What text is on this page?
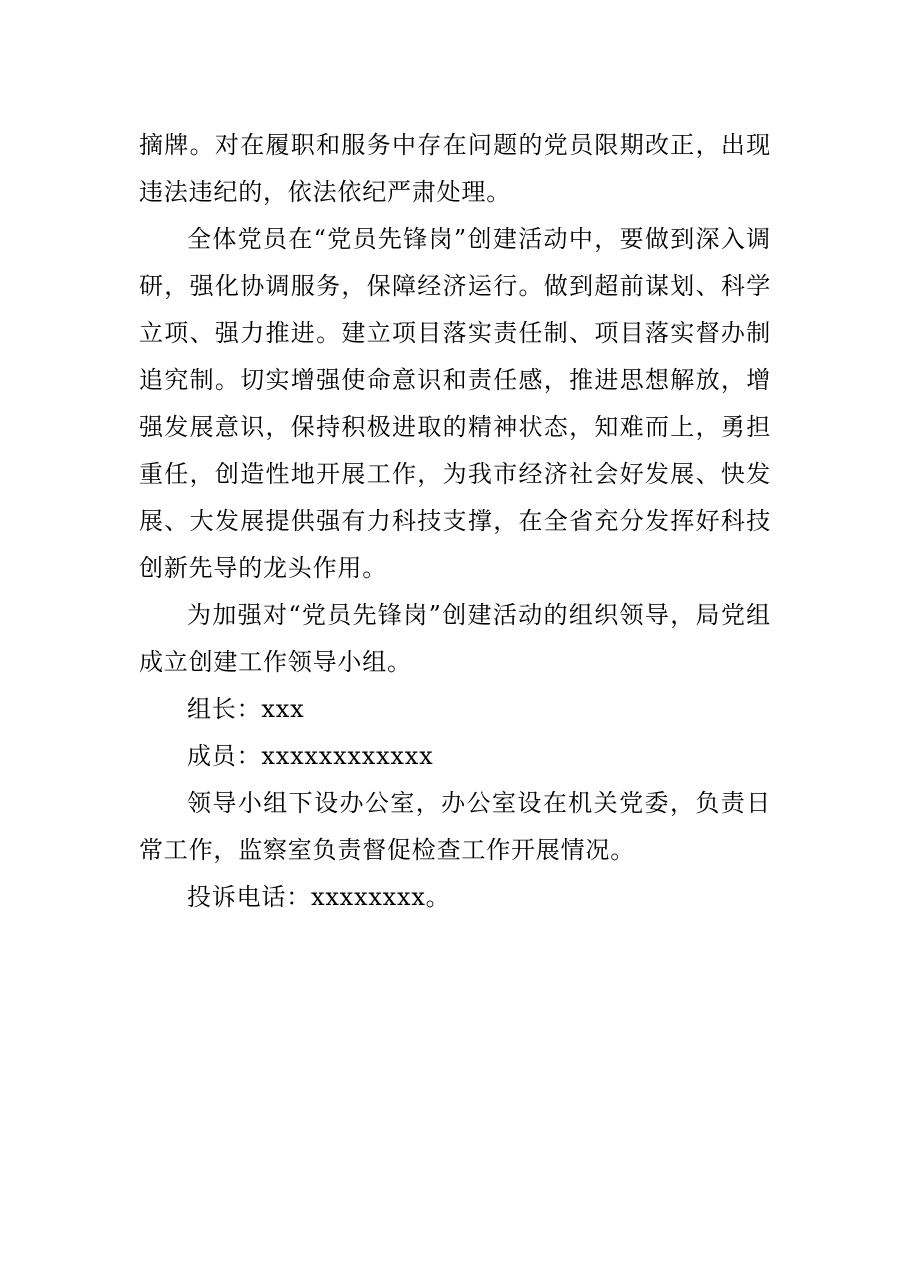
摘牌。对在履职和服务中存在问题的党员限期改正，出现违法违纪的，依法依纪严肃处理。

全体党员在“党员先锋岗”创建活动中，要做到深入调研，强化协调服务，保障经济运行。做到超前谋划、科学立项、强力推进。建立项目落实责任制、项目落实督办制追究制。切实增强使命意识和责任感，推进思想解放，增强发展意识，保持积极进取的精神状态，知难而上，勇担重任，创造性地开展工作，为我市经济社会好发展、快发展、大发展提供强有力科技支撑，在全省充分发挥好科技创新先导的龙头作用。

为加强对“党员先锋岗”创建活动的组织领导，局党组成立创建工作领导小组。

组长：xxx

成员：xxxxxxxxxxxx

领导小组下设办公室，办公室设在机关党委，负责日常工作，监察室负责督促检查工作开展情况。

投诉电话：xxxxxxxx。
